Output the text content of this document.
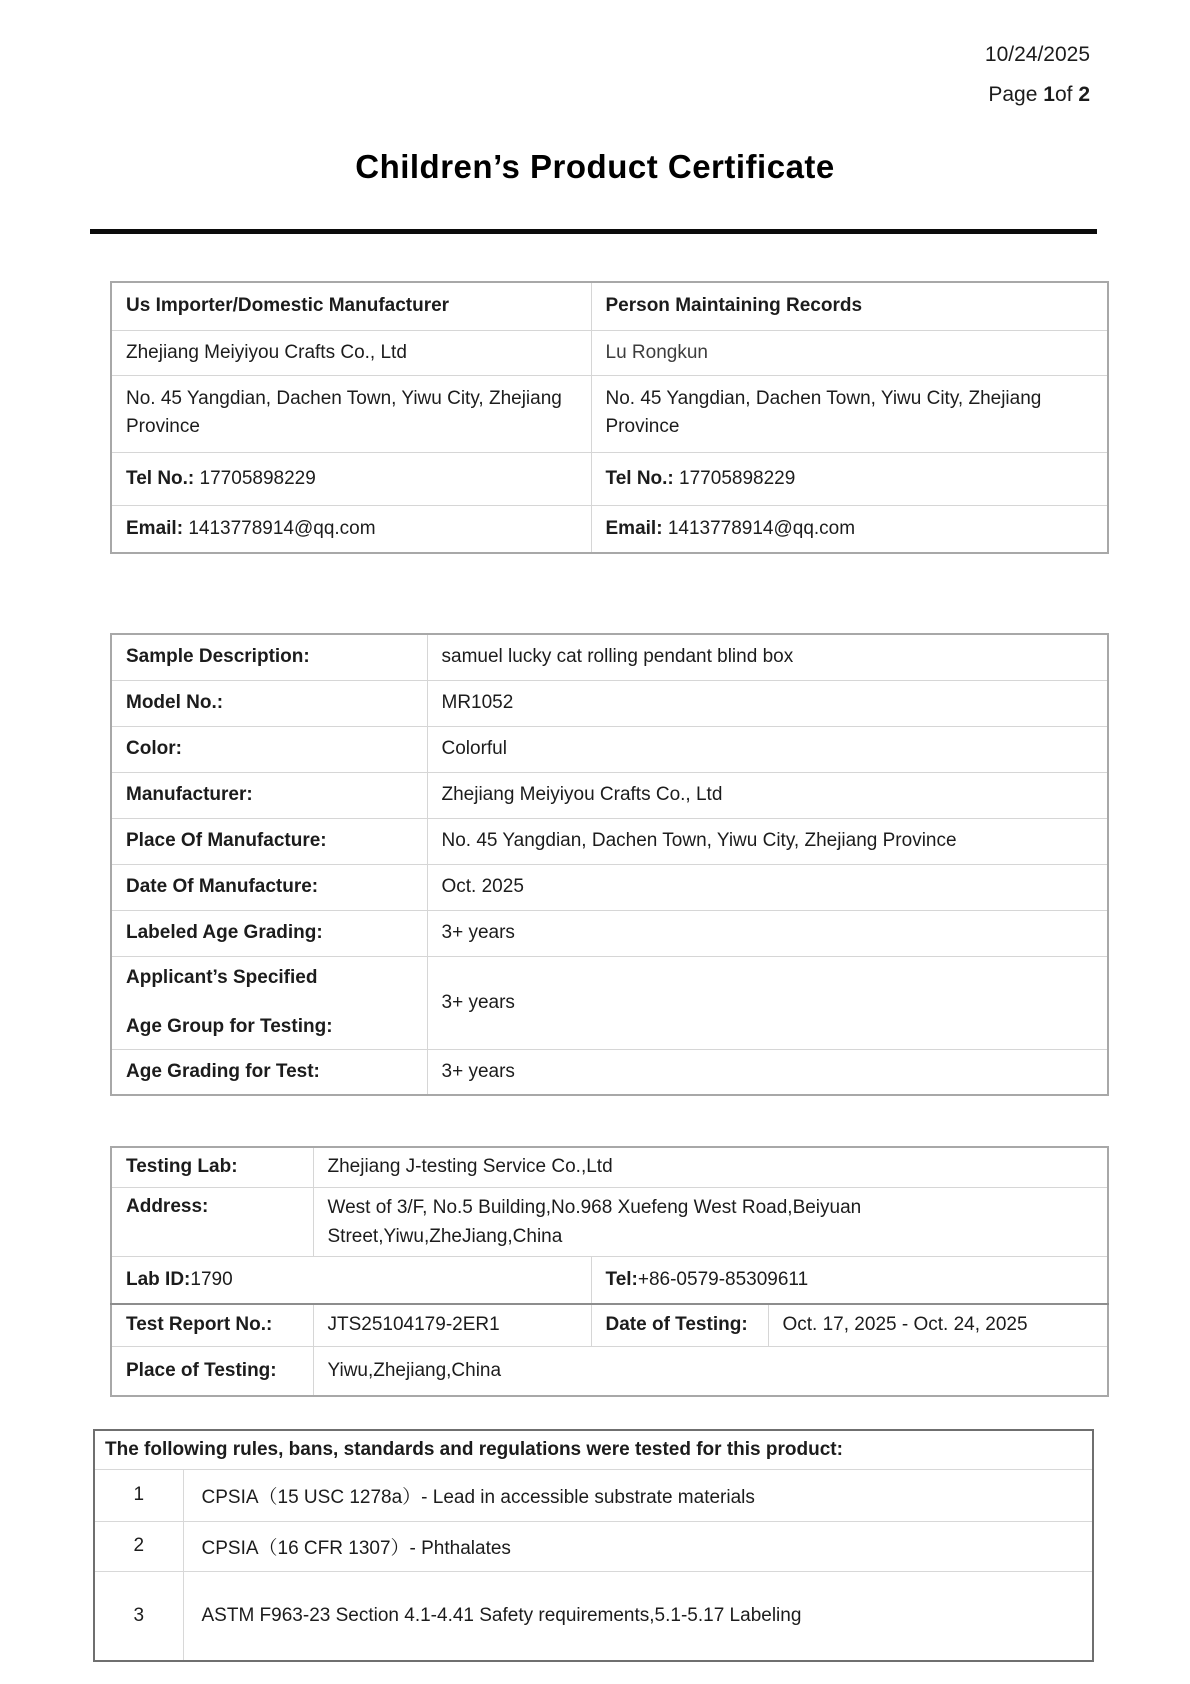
10/24/2025
Page 1of 2
Children’s Product Certificate
Us Importer/Domestic Manufacturer	Person Maintaining Records
Zhejiang Meiyiyou Crafts Co., Ltd	Lu Rongkun

No. 45 Yangdian, Dachen Town, Yiwu City, Zhejiang Province	No. 45 Yangdian, Dachen Town, Yiwu City, Zhejiang Province

Tel No.: 17705898229	Tel No.: 17705898229
Email: 1413778914@qq.com	Email: 1413778914@qq.com
Sample Description:	samuel lucky cat rolling pendant blind box
Model No.:	MR1052
Color:	Colorful
Manufacturer:	Zhejiang Meiyiyou Crafts Co., Ltd
Place Of Manufacture:	No. 45 Yangdian, Dachen Town, Yiwu City, Zhejiang Province
Date Of Manufacture:	Oct. 2025
Labeled Age Grading:	3+ years

Applicant’s Specified
Age Group for Testing:	3+ years
Age Grading for Test:	3+ years
Testing Lab:	Zhejiang J-testing Service Co.,Ltd		
Address:	West of 3/F, No.5 Building,No.968 Xuefeng West Road,Beiyuan Street,Yiwu,ZheJiang,China		

Lab ID:1790		Tel:+86-0579-85309611	
Test Report No.:	JTS25104179-2ER1	Date of Testing:	Oct. 17, 2025 - Oct. 24, 2025
Place of Testing:	Yiwu,Zhejiang,China		
The following rules, bans, standards and regulations were tested for this product:	
1	CPSIA（15 USC 1278a）- Lead in accessible substrate materials
2	CPSIA（16 CFR 1307）- Phthalates
3	ASTM F963-23 Section 4.1-4.41 Safety requirements,5.1-5.17 Labeling
